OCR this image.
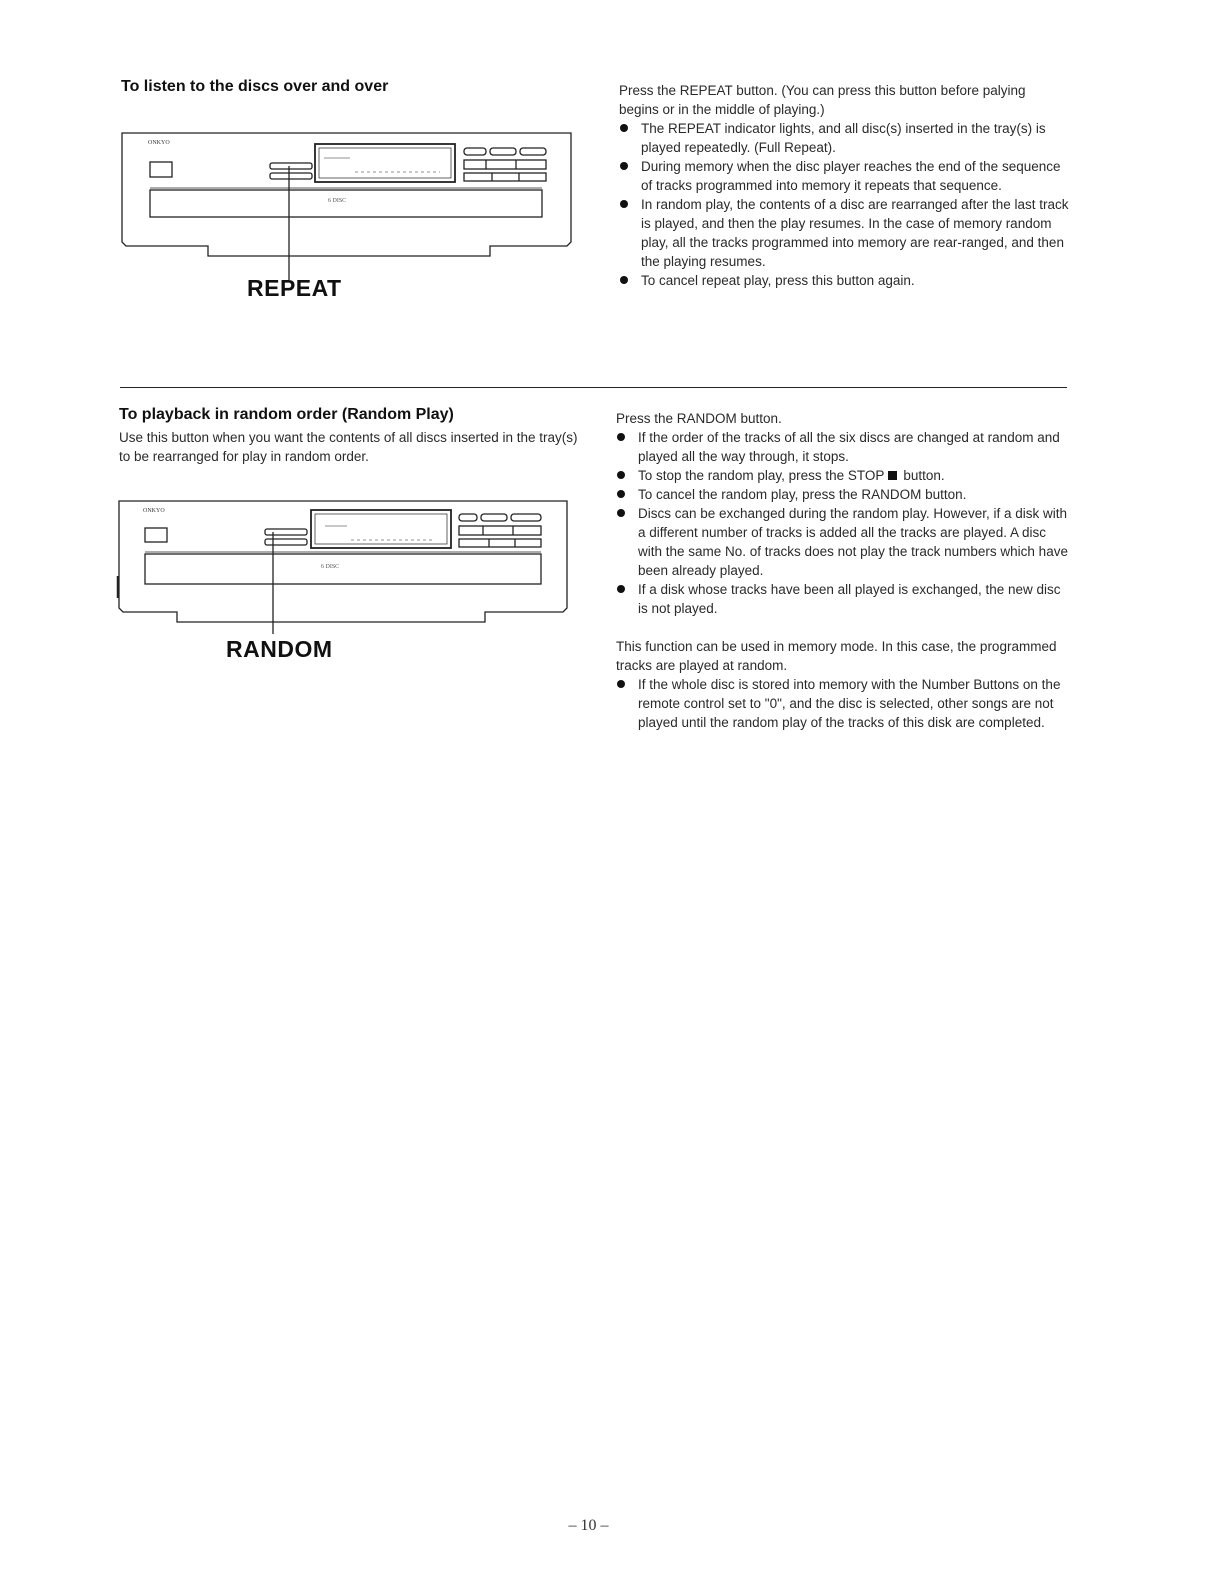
To listen to the discs over and over
ONKYO
6 DISC
REPEAT
Press the REPEAT button. (You can press this button before palying begins or in the middle of playing.)
The REPEAT indicator lights, and all disc(s) inserted in the tray(s) is played repeatedly. (Full Repeat).
During memory when the disc player reaches the end of the sequence of tracks programmed into memory it repeats that sequence.
In random play, the contents of a disc are rearranged after the last track is played, and then the play resumes. In the case of memory random play, all the tracks programmed into memory are rear-ranged, and then the playing resumes.
To cancel repeat play, press this button again.
To playback in random order (Random Play)
Use this button when you want the contents of all discs inserted in the tray(s) to be rearranged for play in random order.
ONKYO
6 DISC
RANDOM
Press the RANDOM button.
If the order of the tracks of all the six discs are changed at random and played all the way through, it stops.
To stop the random play, press the STOP button.
To cancel the random play, press the RANDOM button.
Discs can be exchanged during the random play. However, if a disk with a different number of tracks is added all the tracks are played. A disc with the same No. of tracks does not play the track numbers which have been already played.
If a disk whose tracks have been all played is exchanged, the new disc is not played.
This function can be used in memory mode. In this case, the programmed tracks are played at random.
If the whole disc is stored into memory with the Number Buttons on the remote control set to "0", and the disc is selected, other songs are not played until the random play of the tracks of this disk are completed.
– 10 –
